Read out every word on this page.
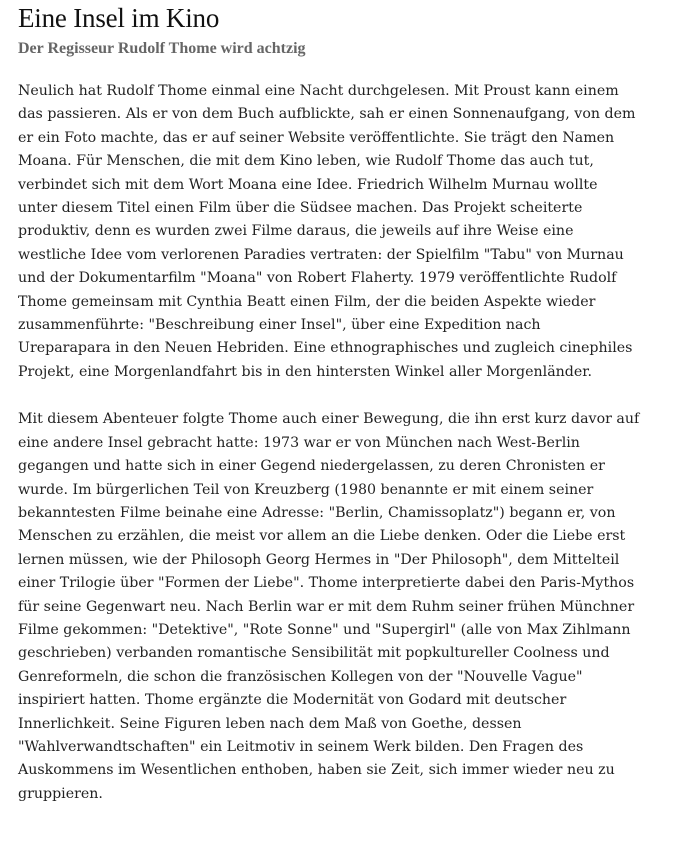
Eine Insel im Kino
Der Regisseur Rudolf Thome wird achtzig

Neulich hat Rudolf Thome einmal eine Nacht durchgelesen. Mit Proust kann einem
das passieren. Als er von dem Buch aufblickte, sah er einen Sonnenaufgang, von dem
er ein Foto machte, das er auf seiner Website veröffentlichte. Sie trägt den Namen
Moana. Für Menschen, die mit dem Kino leben, wie Rudolf Thome das auch tut,
verbindet sich mit dem Wort Moana eine Idee. Friedrich Wilhelm Murnau wollte
unter diesem Titel einen Film über die Südsee machen. Das Projekt scheiterte
produktiv, denn es wurden zwei Filme daraus, die jeweils auf ihre Weise eine
westliche Idee vom verlorenen Paradies vertraten: der Spielfilm "Tabu" von Murnau
und der Dokumentarfilm "Moana" von Robert Flaherty. 1979 veröffentlichte Rudolf
Thome gemeinsam mit Cynthia Beatt einen Film, der die beiden Aspekte wieder
zusammenführte: "Beschreibung einer Insel", über eine Expedition nach
Ureparapara in den Neuen Hebriden. Eine ethnographisches und zugleich cinephiles
Projekt, eine Morgenlandfahrt bis in den hintersten Winkel aller Morgenländer.

Mit diesem Abenteuer folgte Thome auch einer Bewegung, die ihn erst kurz davor auf
eine andere Insel gebracht hatte: 1973 war er von München nach West-Berlin
gegangen und hatte sich in einer Gegend niedergelassen, zu deren Chronisten er
wurde. Im bürgerlichen Teil von Kreuzberg (1980 benannte er mit einem seiner
bekanntesten Filme beinahe eine Adresse: "Berlin, Chamissoplatz") begann er, von
Menschen zu erzählen, die meist vor allem an die Liebe denken. Oder die Liebe erst
lernen müssen, wie der Philosoph Georg Hermes in "Der Philosoph", dem Mittelteil
einer Trilogie über "Formen der Liebe". Thome interpretierte dabei den Paris-Mythos
für seine Gegenwart neu. Nach Berlin war er mit dem Ruhm seiner frühen Münchner
Filme gekommen: "Detektive", "Rote Sonne" und "Supergirl" (alle von Max Zihlmann
geschrieben) verbanden romantische Sensibilität mit popkultureller Coolness und
Genreformeln, die schon die französischen Kollegen von der "Nouvelle Vague"
inspiriert hatten. Thome ergänzte die Modernität von Godard mit deutscher
Innerlichkeit. Seine Figuren leben nach dem Maß von Goethe, dessen
"Wahlverwandtschaften" ein Leitmotiv in seinem Werk bilden. Den Fragen des
Auskommens im Wesentlichen enthoben, haben sie Zeit, sich immer wieder neu zu
gruppieren.
